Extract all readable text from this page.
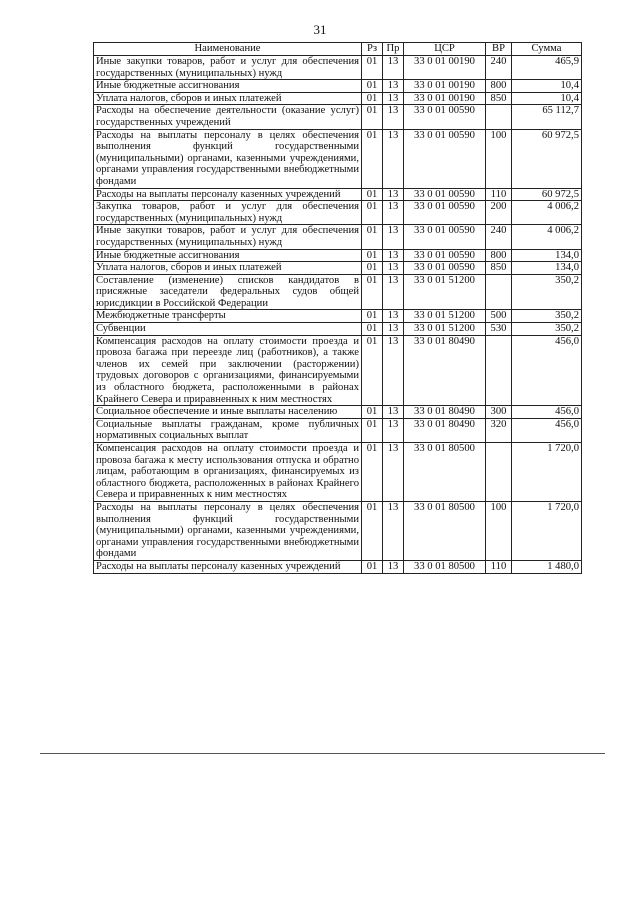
31
Наименование	Рз	Пр	ЦСР	ВР	Сумма
Иные закупки товаров, работ и услуг для обеспечения государственных (муниципальных) нужд	01	13	33 0 01 00190	240	465,9
Иные бюджетные ассигнования	01	13	33 0 01 00190	800	10,4
Уплата налогов, сборов и иных платежей	01	13	33 0 01 00190	850	10,4
Расходы на обеспечение деятельности (оказание услуг) государственных учреждений	01	13	33 0 01 00590		65 112,7
Расходы на выплаты персоналу в целях обеспечения выполнения функций государственными (муниципальными) органами, казенными учреждениями, органами управления государственными внебюджетными фондами	01	13	33 0 01 00590	100	60 972,5
Расходы на выплаты персоналу казенных учреждений	01	13	33 0 01 00590	110	60 972,5
Закупка товаров, работ и услуг для обеспечения государственных (муниципальных) нужд	01	13	33 0 01 00590	200	4 006,2
Иные закупки товаров, работ и услуг для обеспечения государственных (муниципальных) нужд	01	13	33 0 01 00590	240	4 006,2
Иные бюджетные ассигнования	01	13	33 0 01 00590	800	134,0
Уплата налогов, сборов и иных платежей	01	13	33 0 01 00590	850	134,0
Составление (изменение) списков кандидатов в присяжные заседатели федеральных судов общей юрисдикции в Российской Федерации	01	13	33 0 01 51200		350,2
Межбюджетные трансферты	01	13	33 0 01 51200	500	350,2
Субвенции	01	13	33 0 01 51200	530	350,2
Компенсация расходов на оплату стоимости проезда и провоза багажа при переезде лиц (работников), а также членов их семей при заключении (расторжении) трудовых договоров с организациями, финансируемыми из областного бюджета, расположенными в районах Крайнего Севера и приравненных к ним местностях	01	13	33 0 01 80490		456,0
Социальное обеспечение и иные выплаты населению	01	13	33 0 01 80490	300	456,0
Социальные выплаты гражданам, кроме публичных нормативных социальных выплат	01	13	33 0 01 80490	320	456,0
Компенсация расходов на оплату стоимости проезда и провоза багажа к месту использования отпуска и обратно лицам, работающим в организациях, финансируемых из областного бюджета, расположенных в районах Крайнего Севера и приравненных к ним местностях	01	13	33 0 01 80500		1 720,0
Расходы на выплаты персоналу в целях обеспечения выполнения функций государственными (муниципальными) органами, казенными учреждениями, органами управления государственными внебюджетными фондами	01	13	33 0 01 80500	100	1 720,0
Расходы на выплаты персоналу казенных учреждений	01	13	33 0 01 80500	110	1 480,0
